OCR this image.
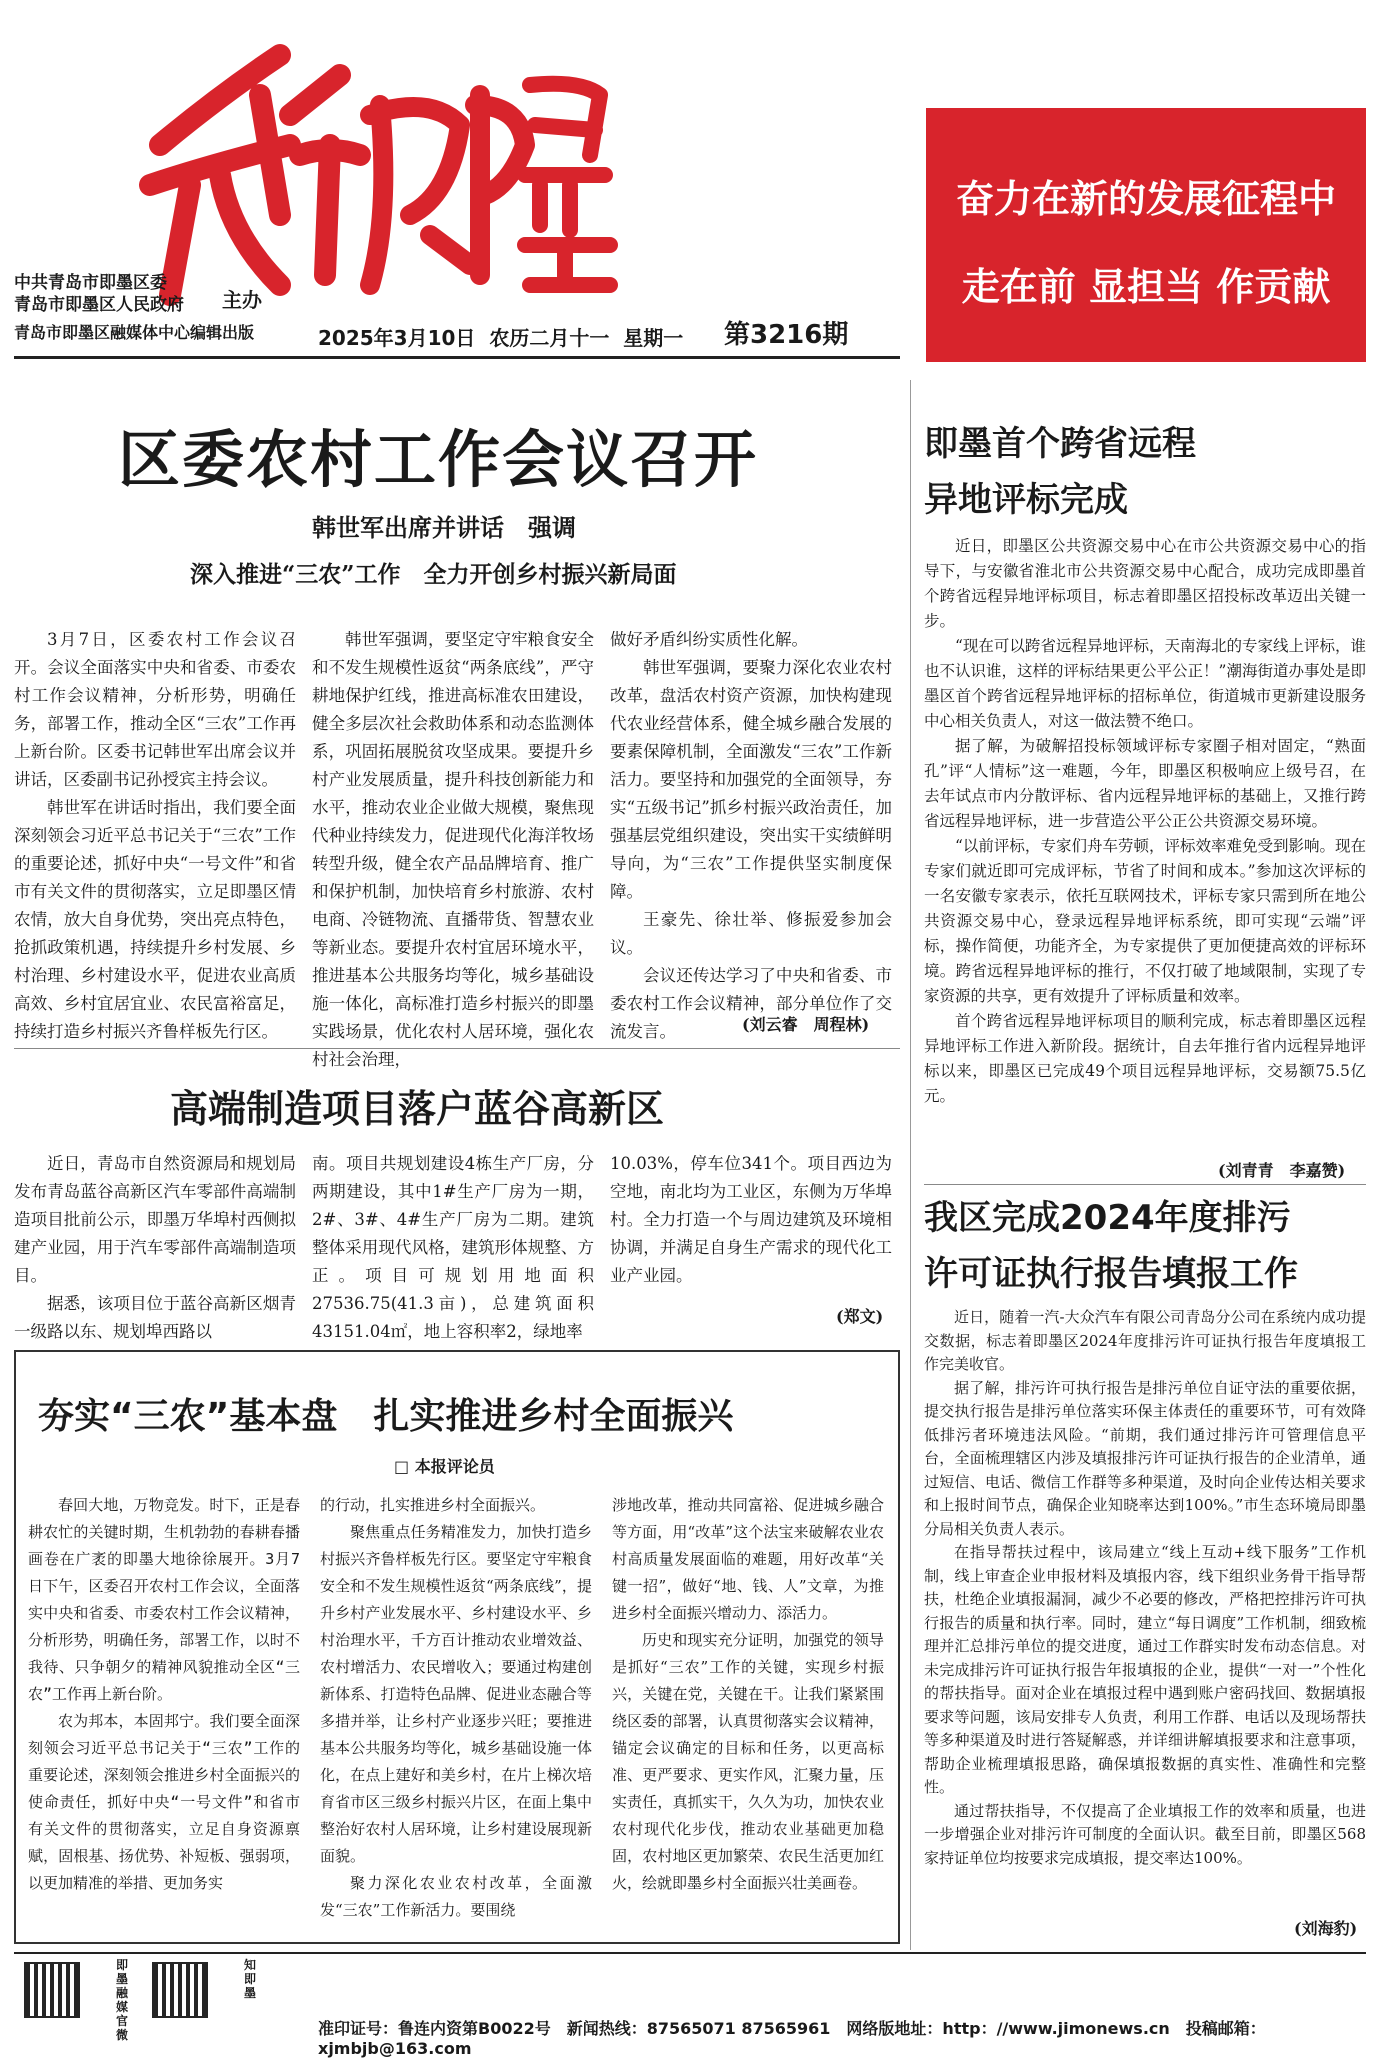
中共青岛市即墨区委
青岛市即墨区人民政府 主办
青岛市即墨区融媒体中心编辑出版	2025年3月10日 农历二月十一 星期一 第3216期
奋力在新的发展征程中
走在前 显担当 作贡献
区委农村工作会议召开
韩世军出席并讲话　强调
深入推进“三农”工作　全力开创乡村振兴新局面

3月7日，区委农村工作会议召开。会议全面落实中央和省委、市委农村工作会议精神，分析形势，明确任务，部署工作，推动全区“三农”工作再上新台阶。区委书记韩世军出席会议并讲话，区委副书记孙授宾主持会议。

韩世军在讲话时指出，我们要全面深刻领会习近平总书记关于“三农”工作的重要论述，抓好中央“一号文件”和省市有关文件的贯彻落实，立足即墨区情农情，放大自身优势，突出亮点特色，抢抓政策机遇，持续提升乡村发展、乡村治理、乡村建设水平，促进农业高质高效、乡村宜居宜业、农民富裕富足，持续打造乡村振兴齐鲁样板先行区。

韩世军强调，要坚定守牢粮食安全和不发生规模性返贫“两条底线”，严守耕地保护红线，推进高标准农田建设，健全多层次社会救助体系和动态监测体系，巩固拓展脱贫攻坚成果。要提升乡村产业发展质量，提升科技创新能力和水平，推动农业企业做大规模，聚焦现代种业持续发力，促进现代化海洋牧场转型升级，健全农产品品牌培育、推广和保护机制，加快培育乡村旅游、农村电商、冷链物流、直播带货、智慧农业等新业态。要提升农村宜居环境水平，推进基本公共服务均等化，城乡基础设施一体化，高标准打造乡村振兴的即墨实践场景，优化农村人居环境，强化农村社会治理，

做好矛盾纠纷实质性化解。

韩世军强调，要聚力深化农业农村改革，盘活农村资产资源，加快构建现代农业经营体系，健全城乡融合发展的要素保障机制，全面激发“三农”工作新活力。要坚持和加强党的全面领导，夯实“五级书记”抓乡村振兴政治责任，加强基层党组织建设，突出实干实绩鲜明导向，为“三农”工作提供坚实制度保障。

王豪先、徐壮举、修振爱参加会议。

会议还传达学习了中央和省委、市委农村工作会议精神，部分单位作了交流发言。	(刘云睿　周程林)
高端制造项目落户蓝谷高新区

近日，青岛市自然资源局和规划局发布青岛蓝谷高新区汽车零部件高端制造项目批前公示，即墨万华埠村西侧拟建产业园，用于汽车零部件高端制造项目。

据悉，该项目位于蓝谷高新区烟青一级路以东、规划埠西路以

南。项目共规划建设4栋生产厂房，分两期建设，其中1#生产厂房为一期，2#、3#、4#生产厂房为二期。建筑整体采用现代风格，建筑形体规整、方正。项目可规划用地面积27536.75(41.3亩)，总建筑面积43151.04㎡，地上容积率2，绿地率

10.03%，停车位341个。项目西边为空地，南北均为工业区，东侧为万华埠村。全力打造一个与周边建筑及环境相协调，并满足自身生产需求的现代化工业产业园。

(郑文)
夯实“三农”基本盘　扎实推进乡村全面振兴
□ 本报评论员

春回大地，万物竞发。时下，正是春耕农忙的关键时期，生机勃勃的春耕春播画卷在广袤的即墨大地徐徐展开。3月7日下午，区委召开农村工作会议，全面落实中央和省委、市委农村工作会议精神，分析形势，明确任务，部署工作，以时不我待、只争朝夕的精神风貌推动全区“三农”工作再上新台阶。

农为邦本，本固邦宁。我们要全面深刻领会习近平总书记关于“三农”工作的重要论述，深刻领会推进乡村全面振兴的使命责任，抓好中央“一号文件”和省市有关文件的贯彻落实，立足自身资源禀赋，固根基、扬优势、补短板、强弱项，以更加精准的举措、更加务实

的行动，扎实推进乡村全面振兴。

聚焦重点任务精准发力，加快打造乡村振兴齐鲁样板先行区。要坚定守牢粮食安全和不发生规模性返贫“两条底线”，提升乡村产业发展水平、乡村建设水平、乡村治理水平，千方百计推动农业增效益、农村增活力、农民增收入；要通过构建创新体系、打造特色品牌、促进业态融合等多措并举，让乡村产业逐步兴旺；要推进基本公共服务均等化，城乡基础设施一体化，在点上建好和美乡村，在片上梯次培育省市区三级乡村振兴片区，在面上集中整治好农村人居环境，让乡村建设展现新面貌。

聚力深化农业农村改革，全面激发“三农”工作新活力。要围绕

涉地改革，推动共同富裕、促进城乡融合等方面，用“改革”这个法宝来破解农业农村高质量发展面临的难题，用好改革“关键一招”，做好“地、钱、人”文章，为推进乡村全面振兴增动力、添活力。

历史和现实充分证明，加强党的领导是抓好“三农”工作的关键，实现乡村振兴，关键在党，关键在干。让我们紧紧围绕区委的部署，认真贯彻落实会议精神，锚定会议确定的目标和任务，以更高标准、更严要求、更实作风，汇聚力量，压实责任，真抓实干，久久为功，加快农业农村现代化步伐，推动农业基础更加稳固，农村地区更加繁荣、农民生活更加红火，绘就即墨乡村全面振兴壮美画卷。

即墨首个跨省远程
异地评标完成

近日，即墨区公共资源交易中心在市公共资源交易中心的指导下，与安徽省淮北市公共资源交易中心配合，成功完成即墨首个跨省远程异地评标项目，标志着即墨区招投标改革迈出关键一步。

“现在可以跨省远程异地评标，天南海北的专家线上评标，谁也不认识谁，这样的评标结果更公平公正！”潮海街道办事处是即墨区首个跨省远程异地评标的招标单位，街道城市更新建设服务中心相关负责人，对这一做法赞不绝口。

据了解，为破解招投标领域评标专家圈子相对固定，“熟面孔”评“人情标”这一难题，今年，即墨区积极响应上级号召，在去年试点市内分散评标、省内远程异地评标的基础上，又推行跨省远程异地评标，进一步营造公平公正公共资源交易环境。

“以前评标，专家们舟车劳顿，评标效率难免受到影响。现在专家们就近即可完成评标，节省了时间和成本。”参加这次评标的一名安徽专家表示，依托互联网技术，评标专家只需到所在地公共资源交易中心，登录远程异地评标系统，即可实现“云端”评标，操作简便，功能齐全，为专家提供了更加便捷高效的评标环境。跨省远程异地评标的推行，不仅打破了地域限制，实现了专家资源的共享，更有效提升了评标质量和效率。

首个跨省远程异地评标项目的顺利完成，标志着即墨区远程异地评标工作进入新阶段。据统计，自去年推行省内远程异地评标以来，即墨区已完成49个项目远程异地评标，交易额75.5亿元。

(刘青青　李嘉赞)
我区完成2024年度排污
许可证执行报告填报工作

近日，随着一汽-大众汽车有限公司青岛分公司在系统内成功提交数据，标志着即墨区2024年度排污许可证执行报告年度填报工作完美收官。

据了解，排污许可执行报告是排污单位自证守法的重要依据，提交执行报告是排污单位落实环保主体责任的重要环节，可有效降低排污者环境违法风险。“前期，我们通过排污许可管理信息平台，全面梳理辖区内涉及填报排污许可证执行报告的企业清单，通过短信、电话、微信工作群等多种渠道，及时向企业传达相关要求和上报时间节点，确保企业知晓率达到100%。”市生态环境局即墨分局相关负责人表示。

在指导帮扶过程中，该局建立“线上互动+线下服务”工作机制，线上审查企业申报材料及填报内容，线下组织业务骨干指导帮扶，杜绝企业填报漏洞，减少不必要的修改，严格把控排污许可执行报告的质量和执行率。同时，建立“每日调度”工作机制，细致梳理并汇总排污单位的提交进度，通过工作群实时发布动态信息。对未完成排污许可证执行报告年报填报的企业，提供“一对一”个性化的帮扶指导。面对企业在填报过程中遇到账户密码找回、数据填报要求等问题，该局安排专人负责，利用工作群、电话以及现场帮扶等多种渠道及时进行答疑解惑，并详细讲解填报要求和注意事项，帮助企业梳理填报思路，确保填报数据的真实性、准确性和完整性。

通过帮扶指导，不仅提高了企业填报工作的效率和质量，也进一步增强企业对排污许可制度的全面认识。截至目前，即墨区568家持证单位均按要求完成填报，提交率达100%。

(刘海豹)
即墨融媒官微
知即墨
准印证号：鲁连内资第B0022号　新闻热线：87565071 87565961　网络版地址：http：//www.jimonews.cn　投稿邮箱：xjmbjb@163.com
